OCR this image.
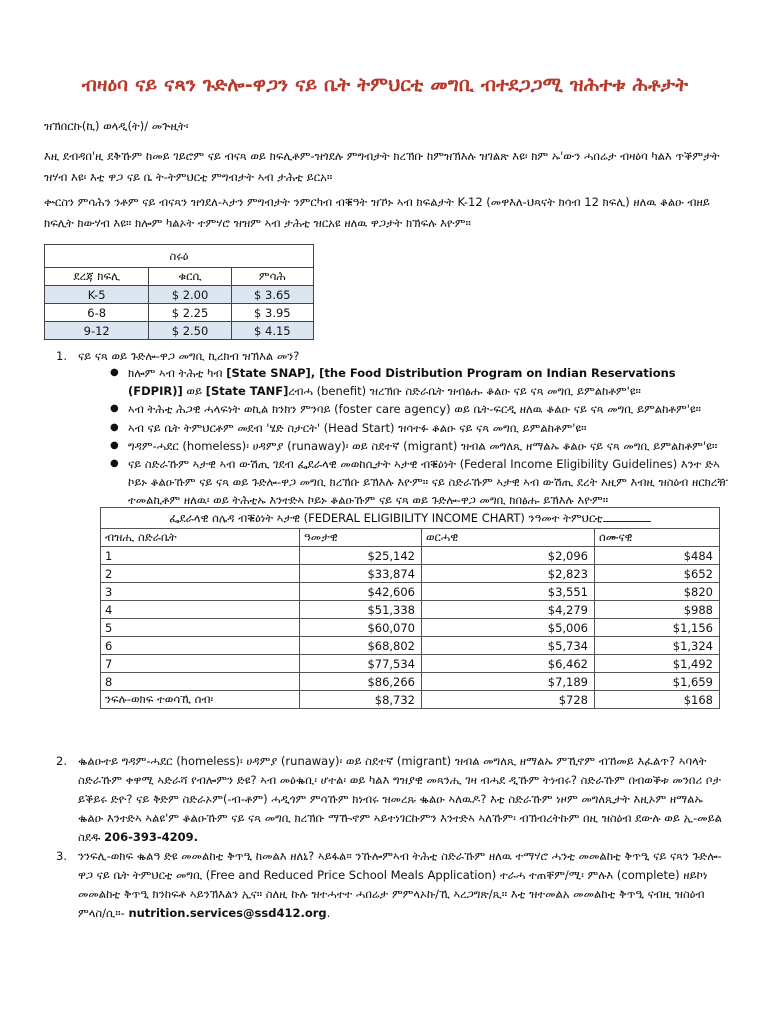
ብዛዕባ ናይ ናጻን ጉድሎ-ዋጋን ናይ ቤት ትምህርቲ መግቢ ብተደጋጋሚ ዝሕተቱ ሕቶታት
ዝኽበርኩ(ኪ) ወላዲ(ት)/ መጕዚት፡
እዚ ደብዳበ'ዚ ደቅኹም ከመይ ገይሮም ናይ ብናጻ ወይ ክፍሊቶም-ዝጎደሉ ምግብታት ክረኽቡ ከምዝኽእሉ ዝገልጽ እዩ፡ ክም ኡ'ውን ሓበሬታ ብዛዕባ ካልእ ጥቕምታት ዝሃብ እዩ፡ እቲ ዋጋ ናይ ቤ ት-ትምህርቲ ምግብታት ኣብ ታሕቲ ይርአ።
ቍርስን ምሳሕን ንቶም ናይ ብናጻን ዝጎደለ-ኣታን ምግብታት ንምርካብ ብቑዓት ዝኾኑ ኣብ ክፍልታት K-12 (መዋእለ-ህጻናት ክሳብ 12 ክፍሊ) ዘለዉ ቆልዑ ብዘይ ክፍሊት ክውሃብ እዩ። ክሎም ካልኦት ተምሃሮ ዝዝም ኣብ ታሕቲ ዝርአዩ ዘለዉ ዋጋታት ክኽፍሉ እዮም።
ስሩዕ		
ደረጃ ክፍሊ	ቁርሲ	ምሳሕ
K-5	$ 2.00	$ 3.65
6-8	$ 2.25	$ 3.95
9-12	$ 2.50	$ 4.15
1. ናይ ናጻ ወይ ጉድሎ-ዋጋ መግቢ ኪረክብ ዝኽእል መን?
● ክሎም ኣብ ትሕቲ ካብ [State SNAP], [the Food Distribution Program on Indian Reservations (FDPIR)] ወይ [State TANF]ረብሓ (benefit) ዝረኽቡ ስድራቤት ዝብፅሑ ቆልዑ ናይ ናጻ መግቢ ይምልከቶም'ዩ።
● ኣብ ትሕቲ ሕጋዊ ሓላፍነት ወኪል ክንክን ምንባይ (foster care agency) ወይ ቤት-ፍርዲ ዘለዉ ቆልዑ ናይ ናጻ መግቢ ይምልከቶም'ዩ።
● ኣብ ናይ ቤት ትምህርቶም መደብ 'ሄድ ስታርት' (Head Start) ዝሳተፉ ቆልዑ ናይ ናጻ መግቢ ይምልከቶም'ዩ።
● ግዳም-ሓደር (homeless)፡ ሀዳምያ (runaway)፡ ወይ ስደተኛ (migrant) ዝብል መግለጺ ዘማልኡ ቆልዑ ናይ ናጻ መግቢ ይምልከቶም'ዩ።
● ናይ ስድራኹም ኣታዊ ኣብ ውሽጢ ገደብ ፌደራላዊ መወከሲታት ኣታዊ ብቑዕነት (Federal Income Eligibility Guidelines) እንተ ድኣ ኮይኑ ቆልዑኹም ናይ ናጻ ወይ ጉድሎ-ዋጋ መግቢ ክረኽቡ ይኽእሉ እዮም። ናይ ስድራኹም ኣታዊ ኣብ ውሽጢ ደረት እዚም እብዚ ዝስዕብ ዘርክረዥ ተመልኪቶም ዘለዉ፡ ወይ ትሕቲኡ እንተድኣ ኮይኑ ቆልዑኹም ናይ ናጻ ወይ ጉድሎ-ዋጋ መግቢ ክበፅሑ ይኽእሉ እዮም።
ፌደራላዊ ሰሌዳ ብቑዕነት ኣታዊ (FEDERAL ELIGIBILITY INCOME CHART) ንዓመተ ትምህርቲ			
ብዝሒ ስድራቤት	ዓመታዊ	ወርሓዊ	ሰሙናዊ
1	$25,142	$2,096	$484
2	$33,874	$2,823	$652
3	$42,606	$3,551	$820
4	$51,338	$4,279	$988
5	$60,070	$5,006	$1,156
6	$68,802	$5,734	$1,324
7	$77,534	$6,462	$1,492
8	$86,266	$7,189	$1,659
ንፍሉ-ወክፍ ተወሳኺ ሰብ፡	$8,732	$728	$168
2. ቈልዑተይ ግዳም-ሓደር (homeless)፡ ሀዳምያ (runaway)፡ ወይ ስደተኛ (migrant) ዝብል መግለጺ ዘማልኡ ምኺኖም ብኸመይ እፈልጥ? ኣባላት ስድራኹም ቀዋሚ ኣድራሻ የብሎምን ድዩ? ኣብ መዕቈቢ፡ ሆተል፡ ወይ ካልእ ግዝያዊ መጻንሒ ገዛ ብሓደ ዲኹም ትነብሩ? ስድራኹም በብወቕቱ መንበሪ ቦታ ይቕይሩ ድዮ? ናይ ቅድም ስድራኦም(-ብ-ቶም) ሓዲጎም ምሳኹም ክነብሩ ዝመረጹ ቈልዑ ኣለዉዶ? እቲ ስድራኹም ነዞም መግለጺታት እዚኦም ዘማልኡ ቈልዑ እንተድኣ ኣልዩ'ም ቆልዑኹም ናይ ናጻ መግቢ ክረኽቡ ማዂኖም ኣይተነገርኩምን እንተድኣ ኣለኹም፡ ብኽብረትኩም በዚ ዝስዕብ ደውሉ ወይ ኢ-መይል ስደዱ 206-393-4209.
3. ንንፍሊ-ወክፍ ቈልዓ ድዩ መመልከቲ ቅጥዒ ከመልእ ዘለኒ? ኣይፋል። ንኹሎምኣብ ትሕቲ ስድራኹም ዘለዉ ተማሃሮ ሓንቲ መመልከቲ ቅጥዒ ናይ ናጻን ጉድሎ-ዋጋ ናይ ቤት ትምህርቲ መግቢ (Free and Reduced Price School Meals Application) ተራሓ ተጠቐም/ሚ፡ ምሉእ (complete) ዘይኮነ መመልከቲ ቅጥዒ ክንከፍቶ ኣይንኽእልን ኢና። ስለዚ ኩሉ ዝተሓተተ ሓበሬታ ምምላኦኩ/ኺ ኣረጋግጽ/ጺ። እቲ ዝተመልአ መመልከቲ ቅጥዒ ናብዚ ዝስዕብ ምላስ/ሲ።- nutrition.services@ssd412.org.
